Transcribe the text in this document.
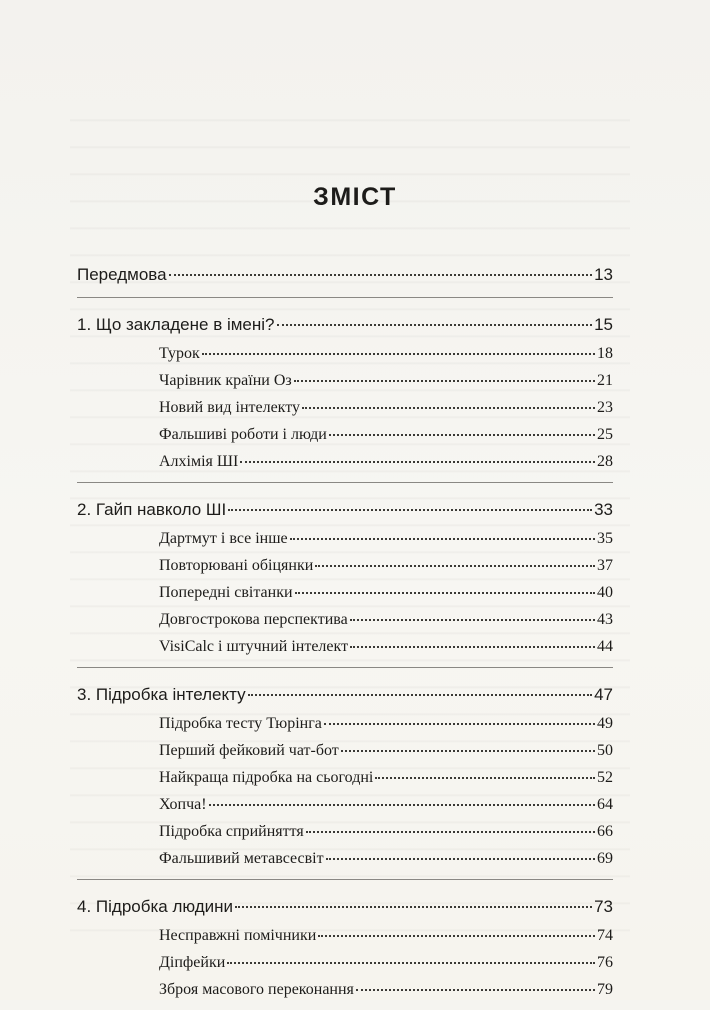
ЗМІСТ
Передмова	13
1. Що закладене в імені?	15
Турок	18
Чарівник країни Оз	21
Новий вид інтелекту	23
Фальшиві роботи і люди	25
Алхімія ШІ	28
2. Гайп навколо ШІ	33
Дартмут і все інше	35
Повторювані обіцянки	37
Попередні світанки	40
Довгострокова перспектива	43
VisiCalc і штучний інтелект	44
3. Підробка інтелекту	47
Підробка тесту Тюрінга	49
Перший фейковий чат-бот	50
Найкраща підробка на сьогодні	52
Хопча!	64
Підробка сприйняття	66
Фальшивий метавсесвіт	69
4. Підробка людини	73
Несправжні помічники	74
Діпфейки	76
Зброя масового переконання	79
